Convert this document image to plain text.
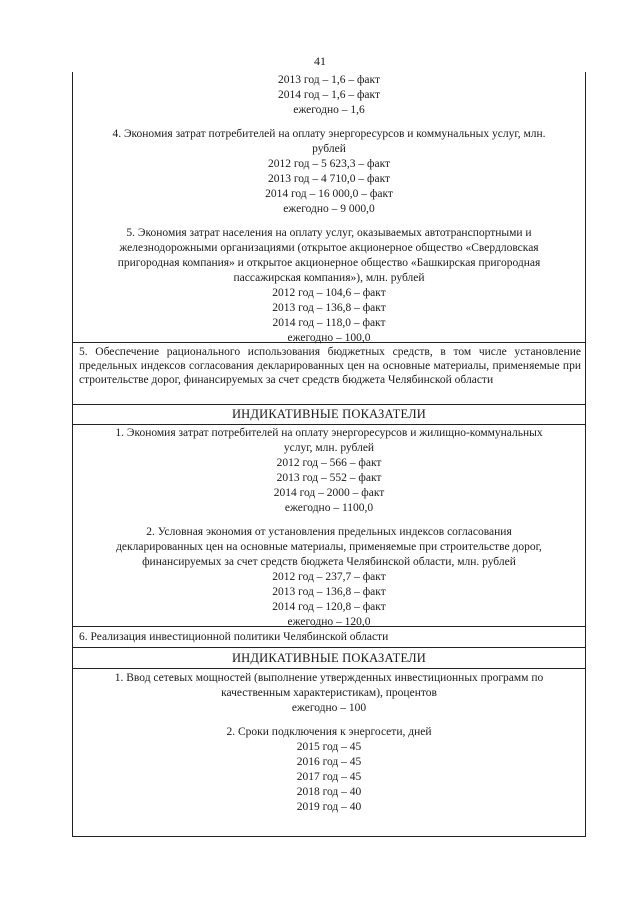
41
2013 год – 1,6 – факт
2014 год – 1,6 – факт
ежегодно – 1,6
4. Экономия затрат потребителей на оплату энергоресурсов и коммунальных услуг, млн.
рублей
2012 год – 5 623,3 – факт
2013 год – 4 710,0 – факт
2014 год – 16 000,0 – факт
ежегодно – 9 000,0
5. Экономия затрат населения на оплату услуг, оказываемых автотранспортными и
железнодорожными организациями (открытое акционерное общество «Свердловская
пригородная компания» и открытое акционерное общество «Башкирская пригородная
пассажирская компания»), млн. рублей
2012 год – 104,6 – факт
2013 год – 136,8 – факт
2014 год – 118,0 – факт
ежегодно – 100,0
5. Обеспечение рационального использования бюджетных средств, в том числе установление предельных индексов согласования декларированных цен на основные материалы, применяемые при строительстве дорог, финансируемых за счет средств бюджета Челябинской области
ИНДИКАТИВНЫЕ ПОКАЗАТЕЛИ
1. Экономия затрат потребителей на оплату энергоресурсов и жилищно-коммунальных
услуг, млн. рублей
2012 год – 566 – факт
2013 год – 552 – факт
2014 год – 2000 – факт
ежегодно – 1100,0
2. Условная экономия от установления предельных индексов согласования
декларированных цен на основные материалы, применяемые при строительстве дорог,
финансируемых за счет средств бюджета Челябинской области, млн. рублей
2012 год – 237,7 – факт
2013 год – 136,8 – факт
2014 год – 120,8 – факт
ежегодно – 120,0
6. Реализация инвестиционной политики Челябинской области
ИНДИКАТИВНЫЕ ПОКАЗАТЕЛИ
1. Ввод сетевых мощностей (выполнение утвержденных инвестиционных программ по
качественным характеристикам), процентов
ежегодно – 100
2. Сроки подключения к энергосети, дней
2015 год – 45
2016 год – 45
2017 год – 45
2018 год – 40
2019 год – 40
